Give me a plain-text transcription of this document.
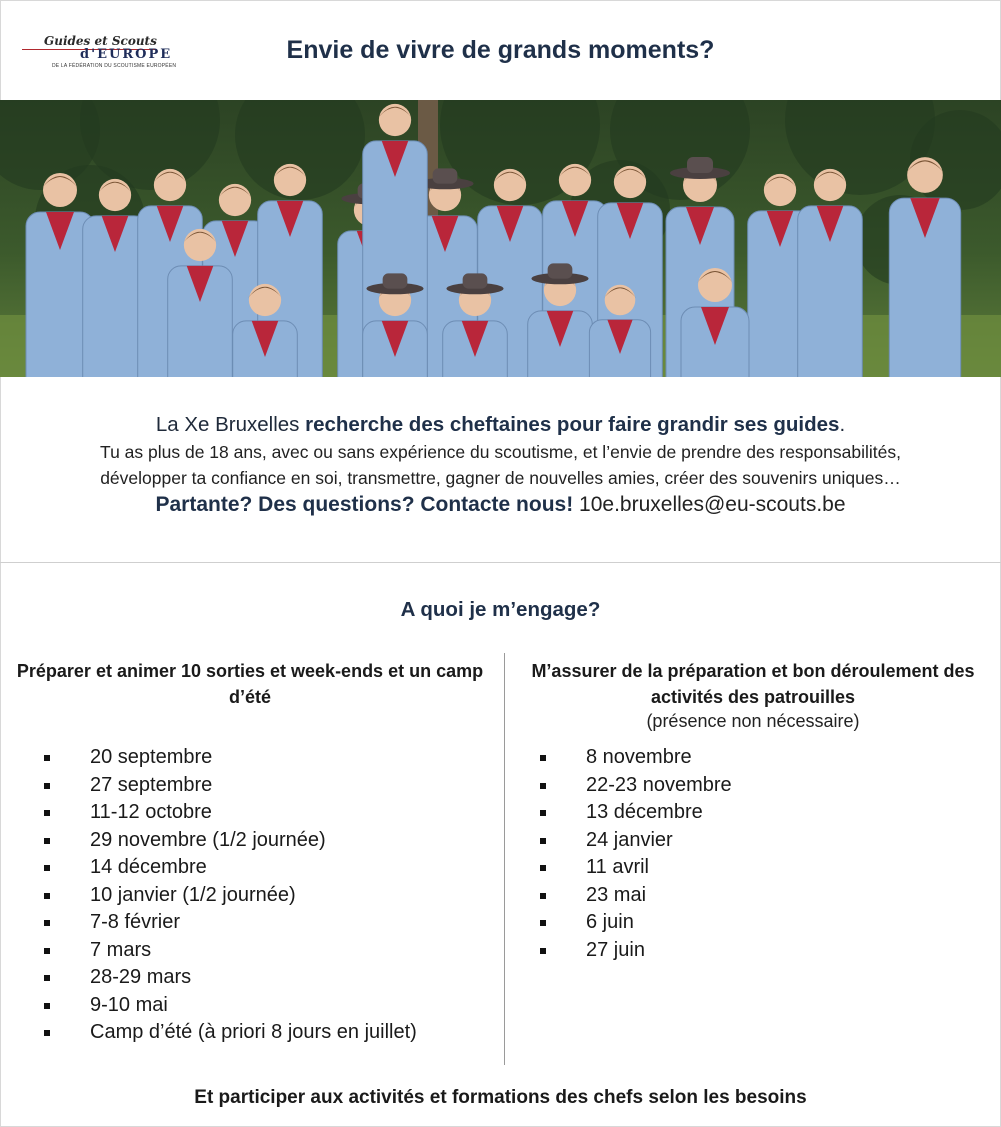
Guides et Scouts
d'EUROPE
DE LA FÉDÉRATION DU SCOUTISME EUROPÉEN
Envie de vivre de grands moments?
La Xe Bruxelles recherche des cheftaines pour faire grandir ses guides.
Tu as plus de 18 ans, avec ou sans expérience du scoutisme, et l’envie de prendre des responsabilités,
développer ta confiance en soi, transmettre, gagner de nouvelles amies, créer des souvenirs uniques…
Partante? Des questions? Contacte nous! 10e.bruxelles@eu-scouts.be
A quoi je m’engage?
Préparer et animer 10 sorties et week-ends et un camp d’été
M’assurer de la préparation et bon déroulement des activités des patrouilles
(présence non nécessaire)
20 septembre
27 septembre
11-12 octobre
29 novembre (1/2 journée)
14 décembre
10 janvier (1/2 journée)
7-8 février
7 mars
28-29 mars
9-10 mai
Camp d’été (à priori 8 jours en juillet)
8 novembre
22-23 novembre
13 décembre
24 janvier
11 avril
23 mai
6 juin
27 juin
Et participer aux activités et formations des chefs selon les besoins
